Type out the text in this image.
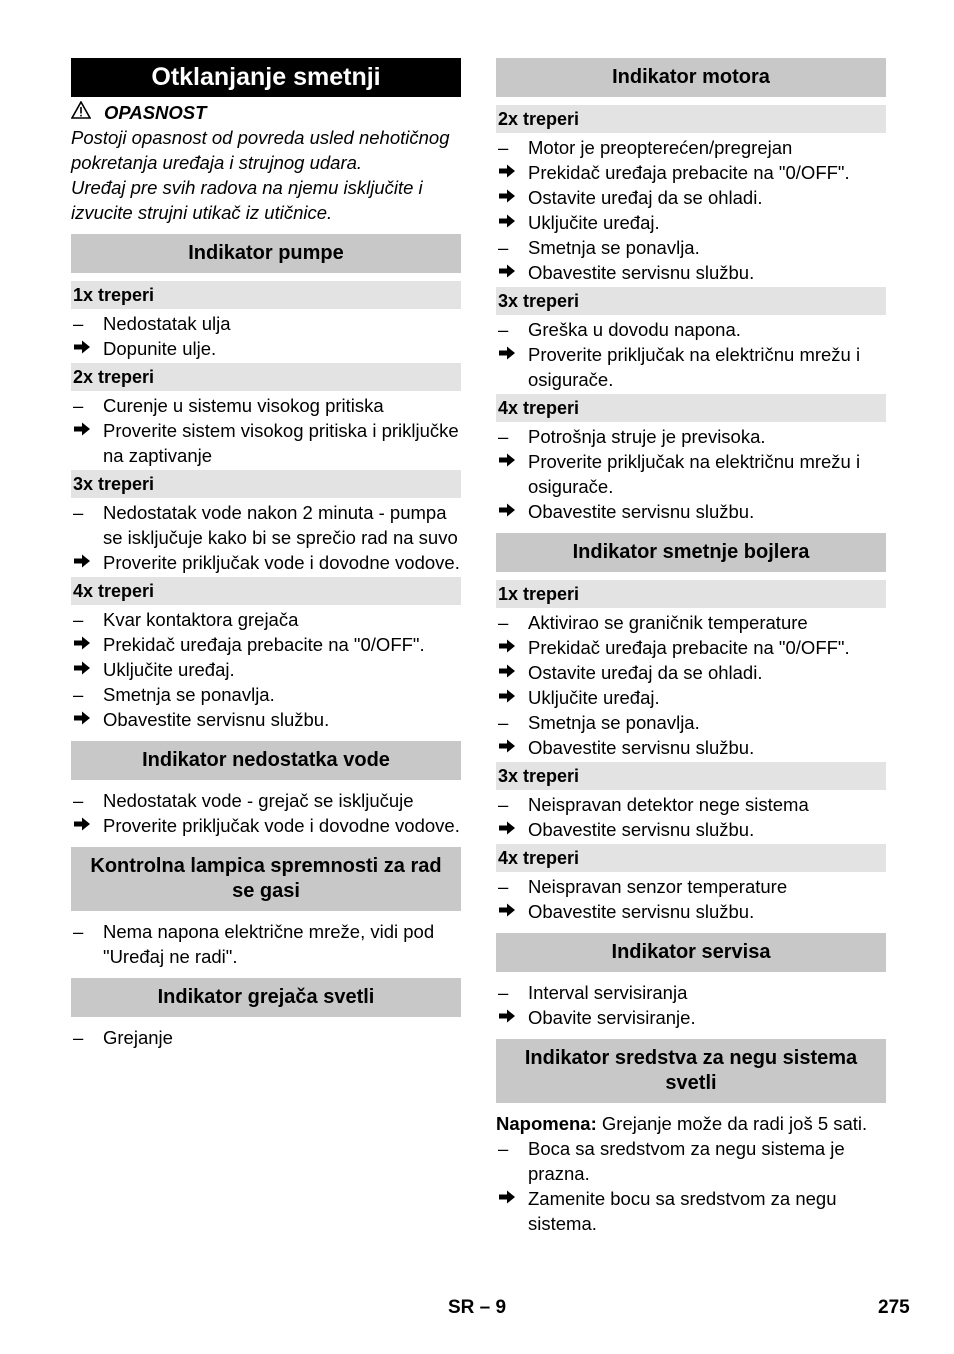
Otklanjanje smetnji
OPASNOST
Postoji opasnost od povreda usled nehotičnog pokretanja uređaja i strujnog udara.
Uređaj pre svih radova na njemu isključite i izvucite strujni utikač iz utičnice.
Indikator pumpe
1x treperi
–	Nedostatak ulja
Dopunite ulje.
2x treperi
–	Curenje u sistemu visokog pritiska
Proverite sistem visokog pritiska i priključke na zaptivanje
3x treperi
–	Nedostatak vode nakon 2 minuta - pumpa se isključuje kako bi se sprečio rad na suvo
Proverite priključak vode i dovodne vodove.
4x treperi
–	Kvar kontaktora grejača
Prekidač uređaja prebacite na "0/OFF".
Uključite uređaj.
–	Smetnja se ponavlja.
Obavestite servisnu službu.
Indikator nedostatka vode
–	Nedostatak vode - grejač se isključuje
Proverite priključak vode i dovodne vodove.
Kontrolna lampica spremnosti za rad se gasi
–	Nema napona električne mreže, vidi pod "Uređaj ne radi".
Indikator grejača svetli
–	Grejanje
Indikator motora
2x treperi
–	Motor je preopterećen/pregrejan
Prekidač uređaja prebacite na "0/OFF".
Ostavite uređaj da se ohladi.
Uključite uređaj.
–	Smetnja se ponavlja.
Obavestite servisnu službu.
3x treperi
–	Greška u dovodu napona.
Proverite priključak na električnu mrežu i osigurače.
4x treperi
–	Potrošnja struje je previsoka.
Proverite priključak na električnu mrežu i osigurače.
Obavestite servisnu službu.
Indikator smetnje bojlera
1x treperi
–	Aktivirao se graničnik temperature
Prekidač uređaja prebacite na "0/OFF".
Ostavite uređaj da se ohladi.
Uključite uređaj.
–	Smetnja se ponavlja.
Obavestite servisnu službu.
3x treperi
–	Neispravan detektor nege sistema
Obavestite servisnu službu.
4x treperi
–	Neispravan senzor temperature
Obavestite servisnu službu.
Indikator servisa
–	Interval servisiranja
Obavite servisiranje.
Indikator sredstva za negu sistema svetli
Napomena: Grejanje može da radi još 5 sati.
–	Boca sa sredstvom za negu sistema je prazna.
Zamenite bocu sa sredstvom za negu sistema.
SR – 9	275
